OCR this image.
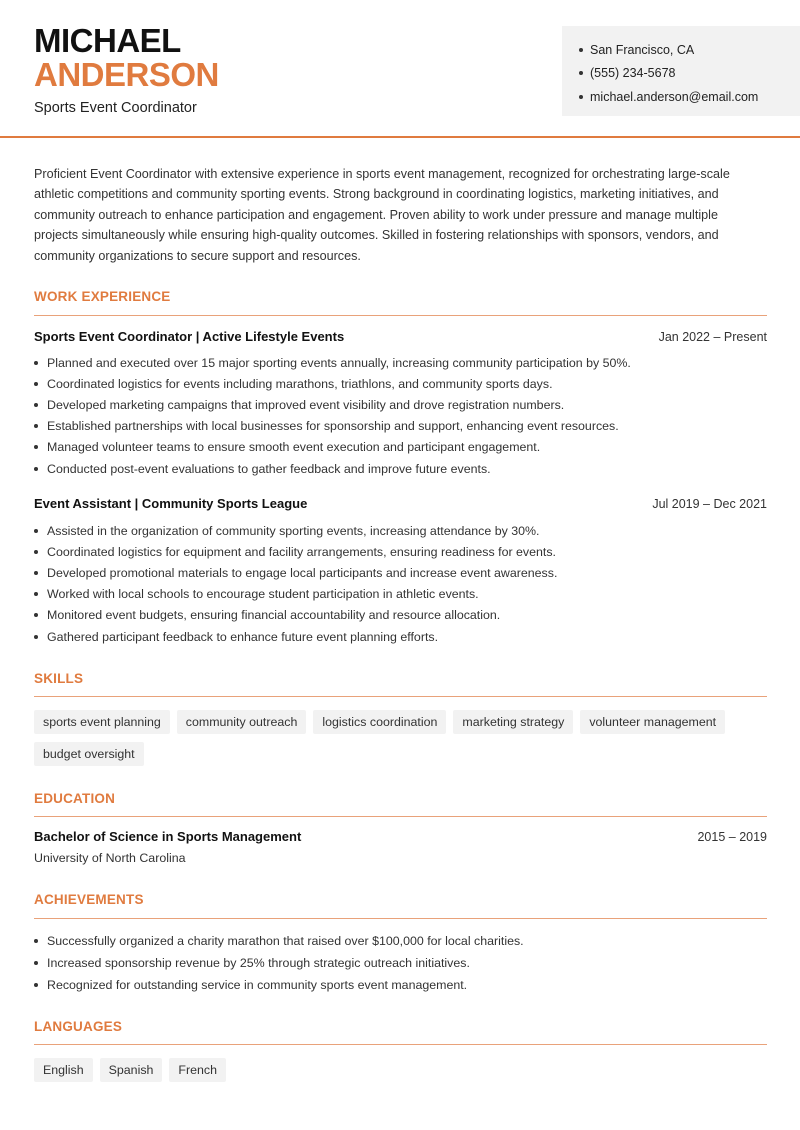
MICHAEL
ANDERSON
Sports Event Coordinator
San Francisco, CA
(555) 234-5678
michael.anderson@email.com

Proficient Event Coordinator with extensive experience in sports event management, recognized for orchestrating large-scale athletic competitions and community sporting events. Strong background in coordinating logistics, marketing initiatives, and community outreach to enhance participation and engagement. Proven ability to work under pressure and manage multiple projects simultaneously while ensuring high-quality outcomes. Skilled in fostering relationships with sponsors, vendors, and community organizations to secure support and resources.

WORK EXPERIENCE
Sports Event Coordinator | Active Lifestyle Events	Jan 2022 – Present
Planned and executed over 15 major sporting events annually, increasing community participation by 50%.
Coordinated logistics for events including marathons, triathlons, and community sports days.
Developed marketing campaigns that improved event visibility and drove registration numbers.
Established partnerships with local businesses for sponsorship and support, enhancing event resources.
Managed volunteer teams to ensure smooth event execution and participant engagement.
Conducted post-event evaluations to gather feedback and improve future events.
Event Assistant | Community Sports League	Jul 2019 – Dec 2021
Assisted in the organization of community sporting events, increasing attendance by 30%.
Coordinated logistics for equipment and facility arrangements, ensuring readiness for events.
Developed promotional materials to engage local participants and increase event awareness.
Worked with local schools to encourage student participation in athletic events.
Monitored event budgets, ensuring financial accountability and resource allocation.
Gathered participant feedback to enhance future event planning efforts.
SKILLS
sports event planning	community outreach	logistics coordination	marketing strategy	volunteer management
budget oversight
EDUCATION
Bachelor of Science in Sports Management	2015 – 2019
University of North Carolina
ACHIEVEMENTS
Successfully organized a charity marathon that raised over $100,000 for local charities.
Increased sponsorship revenue by 25% through strategic outreach initiatives.
Recognized for outstanding service in community sports event management.
LANGUAGES
English	Spanish	French
